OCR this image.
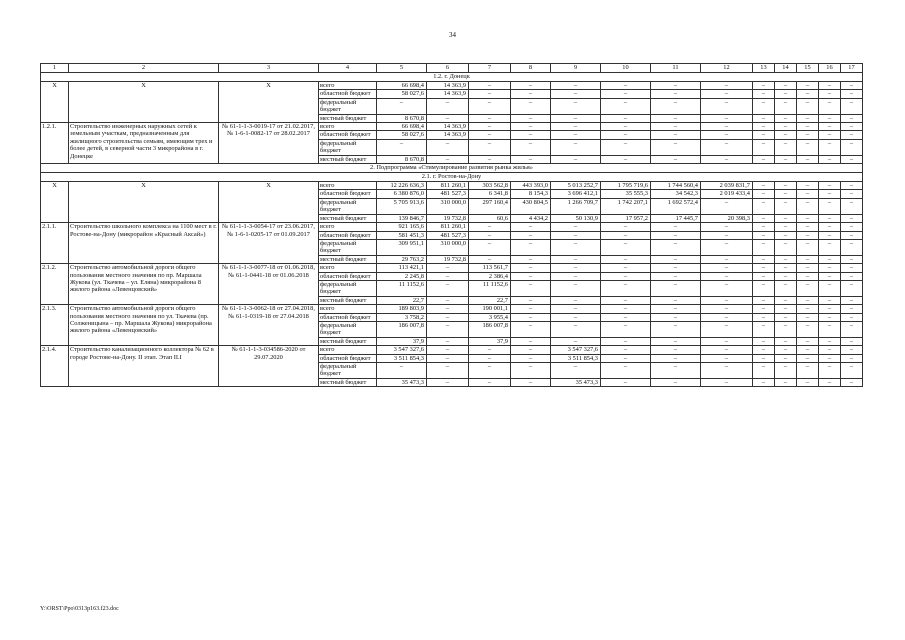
34
1	2	3	4	5	6	7	8	9	10	11	12	13	14	15	16	17
1.2. г. Донецк																
Х	Х	Х	всего	66 698,4	14 363,9	–	–	–	–	–	–	–	–	–	–	–
			областной бюджет	58 027,6	14 363,9	–	–	–	–	–	–	–	–	–	–	–
			федеральный бюджет	–	–	–	–	–	–	–	–	–	–	–	–	–
			местный бюджет	8 670,8	–	–	–	–	–	–	–	–	–	–	–	–
1.2.1.	Строительство инженерных наружных сетей к земельным участкам, предназначенным для жилищного строительства семьям, имеющим трех и более детей, в северной части 3 микрорайона в г. Донецке	№ 61-1-1-3-0019-17 от 21.02.2017, № 1-6-1-0082-17 от 28.02.2017	всего	66 698,4	14 363,9	–	–	–	–	–	–	–	–	–	–	–
			областной бюджет	58 027,6	14 363,9	–	–	–	–	–	–	–	–	–	–	–
			федеральный бюджет	–	–	–	–	–	–	–	–	–	–	–	–	–
			местный бюджет	8 670,8	–	–	–	–	–	–	–	–	–	–	–	–
2. Подпрограмма «Стимулирование развития рынка жилья»																
2.1. г. Ростов-на-Дону																
Х	Х	Х	всего	12 226 636,3	811 260,1	303 562,8	443 393,0	5 013 252,7	1 795 719,6	1 744 560,4	2 039 831,7	–	–	–	–	–
			областной бюджет	6 380 876,0	481 527,3	6 341,8	8 154,3	3 696 412,1	35 555,3	34 542,3	2 019 433,4	–	–	–	–	–
			федеральный бюджет	5 705 913,6	310 000,0	297 160,4	430 804,5	1 266 709,7	1 742 207,1	1 692 572,4	–	–	–	–	–	–
			местный бюджет	139 846,7	19 732,8	60,6	4 434,2	50 130,9	17 957,2	17 445,7	20 398,3	–	–	–	–	–
2.1.1.	Строительство школьного комплекса на 1100 мест в г. Ростове-на-Дону (микрорайон «Красный Аксай»)	№ 61-1-1-3-0054-17 от 23.06.2017, № 1-6-1-0205-17 от 01.09.2017	всего	921 165,6	811 260,1	–	–	–	–	–	–	–	–	–	–	–
			областной бюджет	581 451,3	481 527,3	–	–	–	–	–	–	–	–	–	–	–
			федеральный бюджет	309 951,1	310 000,0	–	–	–	–	–	–	–	–	–	–	–
			местный бюджет	29 763,2	19 732,8	–	–	–	–	–	–	–	–	–	–	–
2.1.2.	Строительство автомобильной дороги общего пользования местного значения по пр. Маршала Жукова (ул. Ткачева – ул. Еляна) микрорайона 8 жилого района «Левенцовский»	№ 61-1-1-3-0077-18 от 01.06.2018, № 61-1-0441-18 от 01.06.2018	всего	113 421,1	–	113 561,7	–	–	–	–	–	–	–	–	–	–
			областной бюджет	2 245,8	–	2 386,4	–	–	–	–	–	–	–	–	–	–
			федеральный бюджет	11 1152,6	–	11 1152,6	–	–	–	–	–	–	–	–	–	–
			местный бюджет	22,7	–	22,7	–	–	–	–	–	–	–	–	–	–
2.1.3.	Строительство автомобильной дороги общего пользования местного значения по ул. Ткачева (пр. Солженицына – пр. Маршала Жукова) микрорайона жилого района «Левенцовский»	№ 61-1-1-3-0062-18 от 27.04.2018, № 61-1-0319-18 от 27.04.2018	всего	189 803,9	–	190 001,1	–	–	–	–	–	–	–	–	–	–
			областной бюджет	3 758,2	–	3 955,4	–	–	–	–	–	–	–	–	–	–
			федеральный бюджет	186 007,8	–	186 007,8	–	–	–	–	–	–	–	–	–	–
			местный бюджет	37,9	–	37,9	–	–	–	–	–	–	–	–	–	–
2.1.4.	Строительство канализационного коллектора № 62 в городе Ростове-на-Дону. II этап. Этап II.I	№ 61-1-1-3-034586-2020 от 29.07.2020	всего	3 547 327,6	–	–	–	3 547 327,6	–	–	–	–	–	–	–	–
			областной бюджет	3 511 854,3	–	–	–	3 511 854,3	–	–	–	–	–	–	–	–
			федеральный бюджет	–	–	–	–	–	–	–	–	–	–	–	–	–
			местный бюджет	35 473,3	–	–	–	35 473,3	–	–	–	–	–	–	–	–
Y:\ORST\Ppo\0313p163.f23.doc
